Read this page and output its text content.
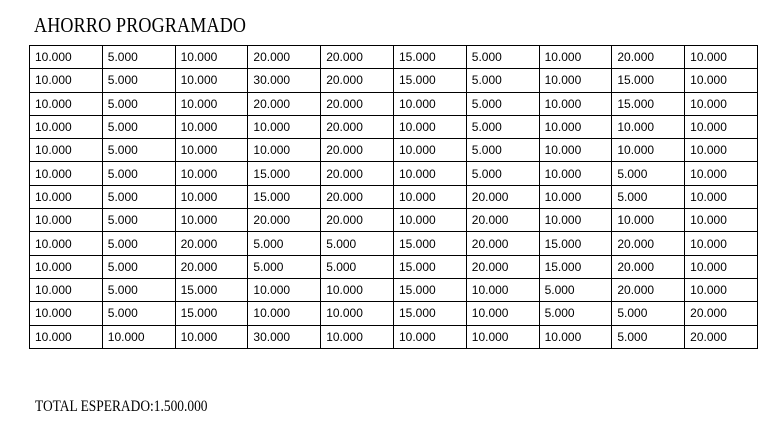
AHORRO PROGRAMADO
10.000	5.000	10.000	20.000	20.000	15.000	5.000	10.000	20.000	10.000
10.000	5.000	10.000	30.000	20.000	15.000	5.000	10.000	15.000	10.000
10.000	5.000	10.000	20.000	20.000	10.000	5.000	10.000	15.000	10.000
10.000	5.000	10.000	10.000	20.000	10.000	5.000	10.000	10.000	10.000
10.000	5.000	10.000	10.000	20.000	10.000	5.000	10.000	10.000	10.000
10.000	5.000	10.000	15.000	20.000	10.000	5.000	10.000	5.000	10.000
10.000	5.000	10.000	15.000	20.000	10.000	20.000	10.000	5.000	10.000
10.000	5.000	10.000	20.000	20.000	10.000	20.000	10.000	10.000	10.000
10.000	5.000	20.000	5.000	5.000	15.000	20.000	15.000	20.000	10.000
10.000	5.000	20.000	5.000	5.000	15.000	20.000	15.000	20.000	10.000
10.000	5.000	15.000	10.000	10.000	15.000	10.000	5.000	20.000	10.000
10.000	5.000	15.000	10.000	10.000	15.000	10.000	5.000	5.000	20.000
10.000	10.000	10.000	30.000	10.000	10.000	10.000	10.000	5.000	20.000
TOTAL ESPERADO:1.500.000
